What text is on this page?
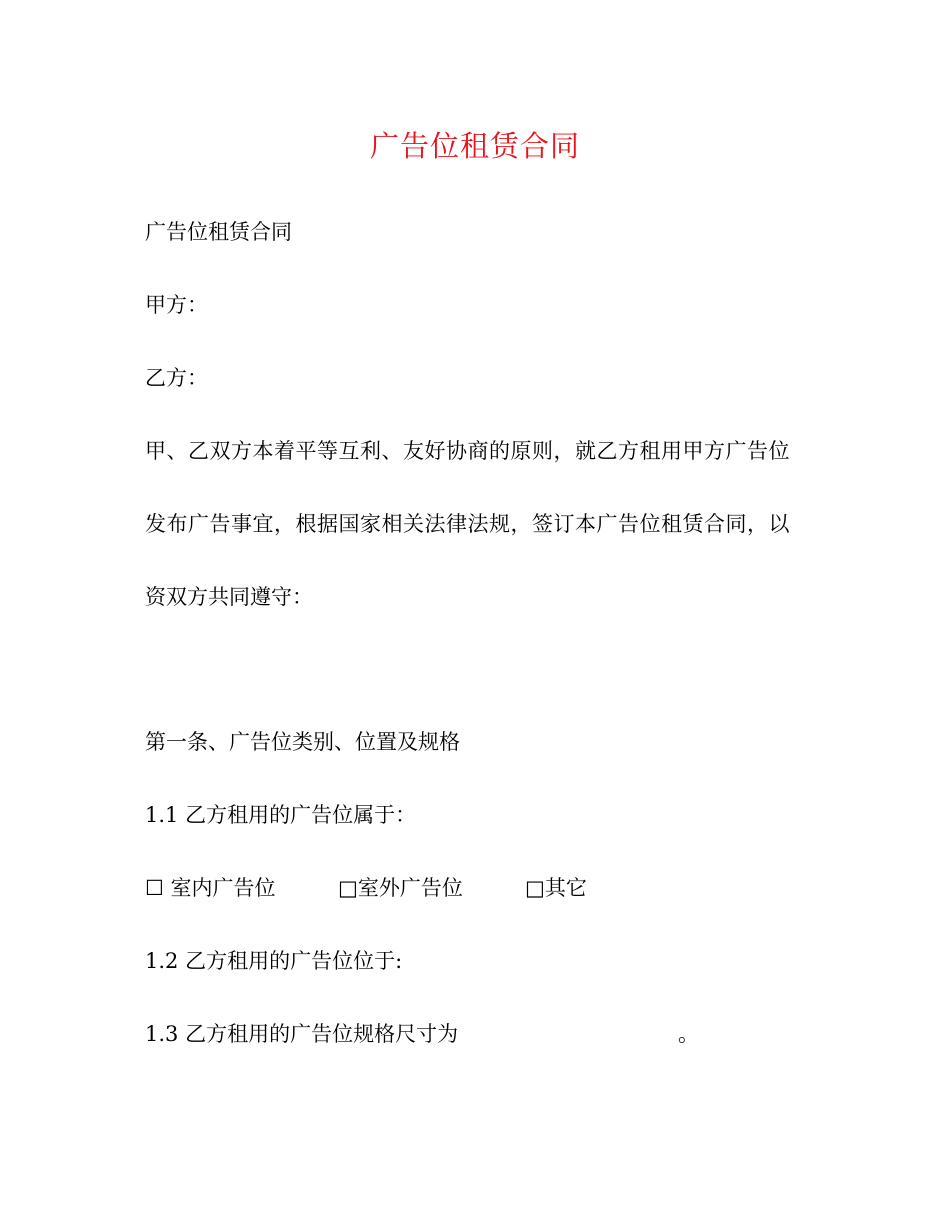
广告位租赁合同
广告位租赁合同
甲方：
乙方：
甲、乙双方本着平等互利、友好协商的原则，就乙方租用甲方广告位
发布广告事宜，根据国家相关法律法规，签订本广告位租赁合同，以
资双方共同遵守：
第一条、广告位类别、位置及规格
1.1 乙方租用的广告位属于：
☐ 室内广告位	□室外广告位	□其它
1.2 乙方租用的广告位位于:
1.3 乙方租用的广告位规格尺寸为	。
